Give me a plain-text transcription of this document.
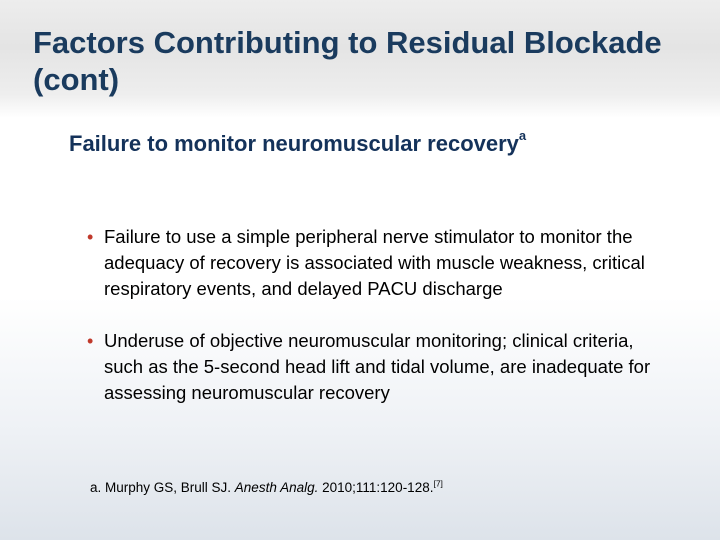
Factors Contributing to Residual Blockade (cont)
Failure to monitor neuromuscular recovery$^a$
• Failure to use a simple peripheral nerve stimulator to monitor the adequacy of recovery is associated with muscle weakness, critical respiratory events, and delayed PACU discharge
• Underuse of objective neuromuscular monitoring; clinical criteria, such as the 5-second head lift and tidal volume, are inadequate for assessing neuromuscular recovery

a. Murphy GS, Brull SJ. Anesth Analg. 2010;111:120-128.[7]
